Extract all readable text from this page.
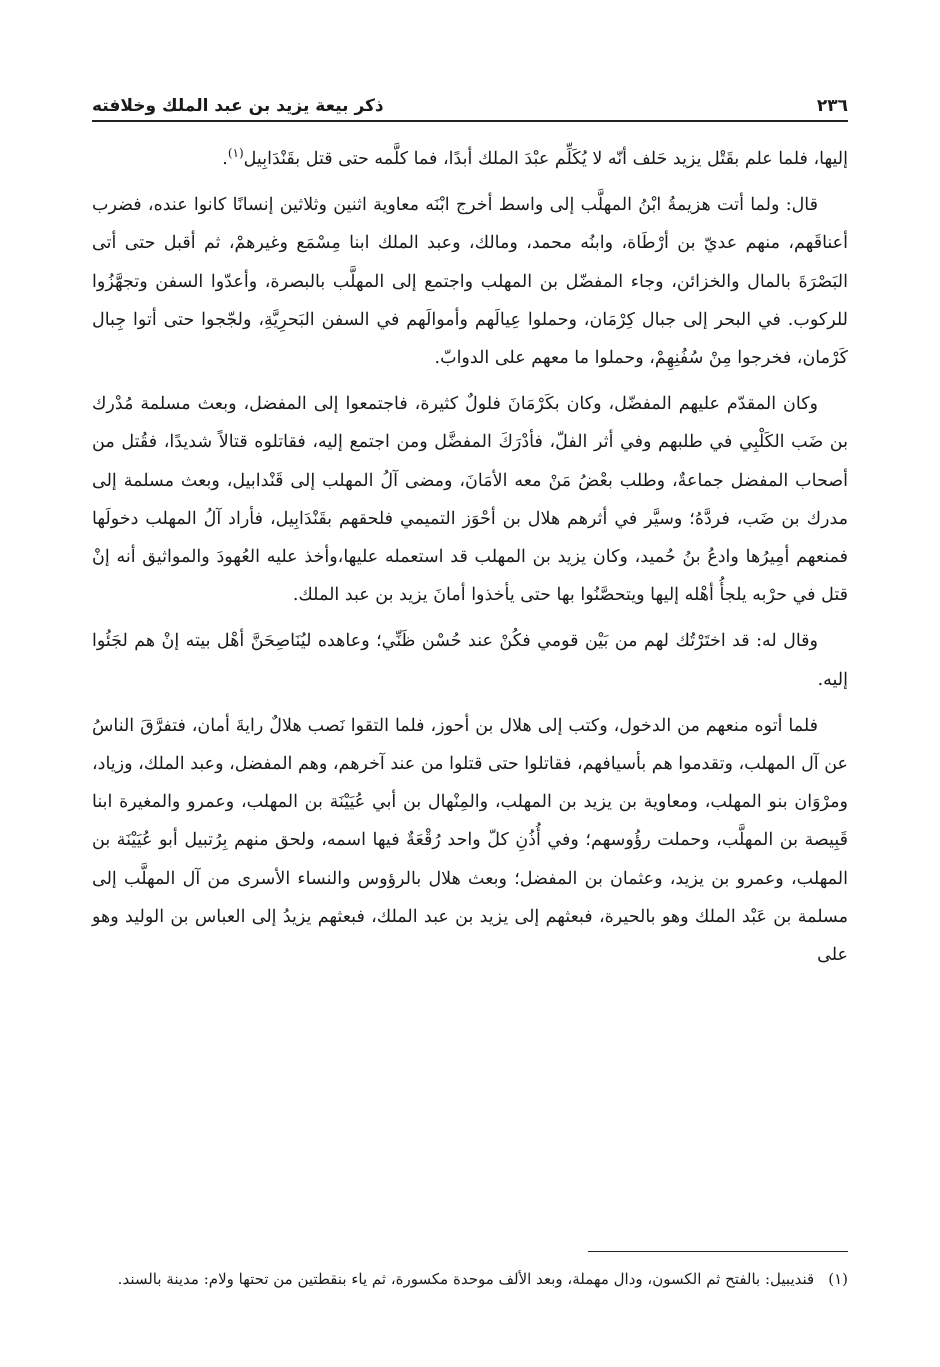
٢٣٦
ذكر بيعة يزيد بن عبد الملك وخلافته

إليها، فلما علم بقَتْل يزيد حَلف أنّه لا يُكَلِّم عبْدَ الملك أبدًا، فما كلَّمه حتى قتل بقَنْدَابِيل$^{(١)}$.

قال: ولما أتت هزيمةُ ابْنُ المهلَّب إلى واسط أخرج ابْنَه معاوية اثنين وثلاثين إنسانًا كانوا عنده، فضرب أعناقَهم، منهم عديّ بن أرْطَاة، وابنُه محمد، ومالك، وعبد الملك ابنا مِسْمَع وغيرهمْ، ثم أقبل حتى أتى البَصْرَةَ بالمال والخزائن، وجاء المفضّل بن المهلب واجتمع إلى المهلَّب بالبصرة، وأعدّوا السفن وتجهَّزُوا للركوب. في البحر إلى جبال كِرْمَان، وحملوا عِيالَهم وأموالَهم في السفن البَحرِيَّةِ، ولجّجوا حتى أتوا جِبال كَرْمان، فخرجوا مِنْ سُفُنِهِمْ، وحملوا ما معهم على الدوابّ.

وكان المقدّم عليهم المفضّل، وكان بكَرْمَانَ فلولٌ كثيرة، فاجتمعوا إلى المفضل، وبعث مسلمة مُدْرك بن ضَب الكَلْبِي في طلبهم وفي أثر الفلّ، فأدْرَكَ المفضَّل ومن اجتمع إليه، فقاتلوه قتالاً شديدًا، فقُتل من أصحاب المفضل جماعةٌ، وطلب بعْضُ مَنْ معه الأمَانَ، ومضى آلُ المهلب إلى قَنْدابيل، وبعث مسلمة إلى مدرك بن ضَب، فردَّهُ؛ وسيَّر في أثرهم هلال بن أحْوَز التميمي فلحقهم بقَنْدَابِيل، فأراد آلُ المهلب دخولَها فمنعهم أمِيرُها وادعُ بنُ حُميد، وكان يزيد بن المهلب قد استعمله عليها،وأخذ عليه العُهودَ والمواثيق أنه إنْ قتل في حرْبه يلجأُ أهْله إليها ويتحصَّنُوا بها حتى يأخذوا أمانَ يزيد بن عبد الملك.

وقال له: قد اختَرْتُك لهم من بَيْن قومي فكُنْ عند حُسْن ظَنِّي؛ وعاهده ليُنَاصِحَنَّ أهْل بيته إنْ هم لجَئُوا إليه.

فلما أتوه منعهم من الدخول، وكتب إلى هلال بن أحوز، فلما التقوا نَصب هلالٌ رايةَ أمان، فتفرَّقَ الناسُ عن آل المهلب، وتقدموا هم بأسيافهم، فقاتلوا حتى قتلوا من عند آخرهم، وهم المفضل، وعبد الملك، وزياد، ومرْوَان بنو المهلب، ومعاوية بن يزيد بن المهلب، والمِنْهال بن أبي عُيَيْنَة بن المهلب، وعمرو والمغيرة ابنا قَبِيصة بن المهلَّب، وحملت رؤُوسهم؛ وفي أُذُنِ كلّ واحد رُقْعَةٌ فيها اسمه، ولحق منهم بِرُتبيل أبو عُيَيْنَة بن المهلب، وعمرو بن يزيد، وعثمان بن المفضل؛ وبعث هلال بالرؤوس والنساء الأسرى من آل المهلَّب إلى مسلمة بن عَبْد الملك وهو بالحيرة، فبعثهم إلى يزيد بن عبد الملك، فبعثهم يزيدُ إلى العباس بن الوليد وهو على

(١)قنديبيل: بالفتح ثم الكسون، ودال مهملة، وبعد الألف موحدة مكسورة، ثم ياء بنقطتين من تحتها ولام: مدينة بالسند.
